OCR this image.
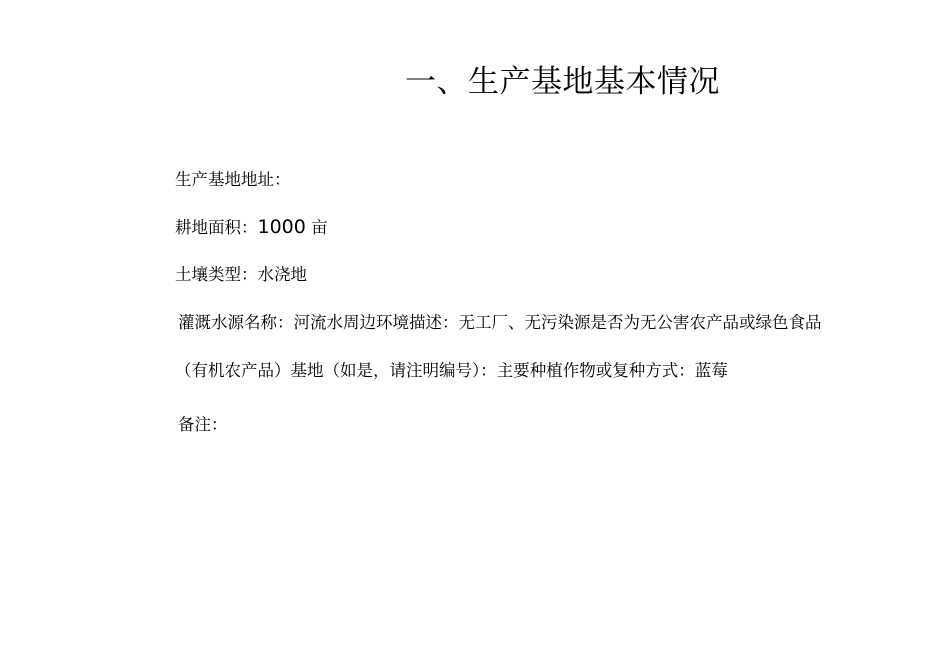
一、生产基地基本情况
生产基地地址：
耕地面积：1000 亩
土壤类型：水浇地
灌溉水源名称：河流水周边环境描述：无工厂、无污染源是否为无公害农产品或绿色食品
（有机农产品）基地（如是，请注明编号）：主要种植作物或复种方式：蓝莓
备注：
